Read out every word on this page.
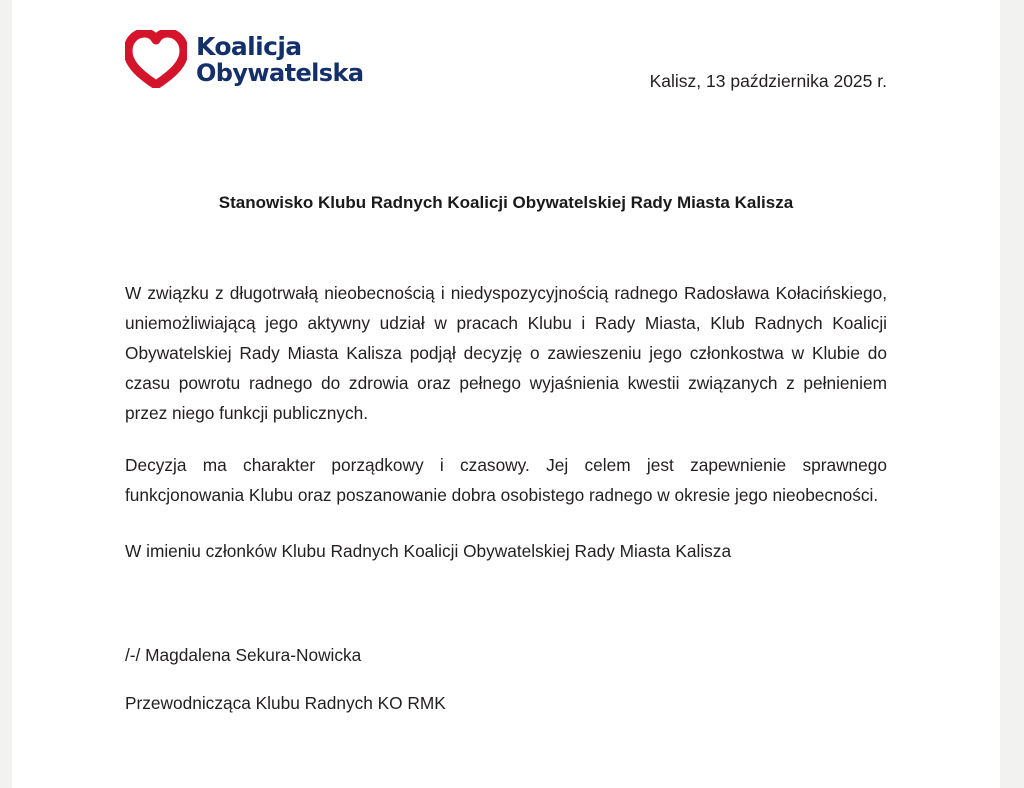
Koalicja
Obywatelska	Kalisz, 13 października 2025 r.
Stanowisko Klubu Radnych Koalicji Obywatelskiej Rady Miasta Kalisza

W związku z długotrwałą nieobecnością i niedyspozycyjnością radnego Radosława Kołacińskiego, uniemożliwiającą jego aktywny udział w pracach Klubu i Rady Miasta, Klub Radnych Koalicji Obywatelskiej Rady Miasta Kalisza podjął decyzję o zawieszeniu jego członkostwa w Klubie do czasu powrotu radnego do zdrowia oraz pełnego wyjaśnienia kwestii związanych z pełnieniem przez niego funkcji publicznych.

Decyzja ma charakter porządkowy i czasowy. Jej celem jest zapewnienie sprawnego funkcjonowania Klubu oraz poszanowanie dobra osobistego radnego w okresie jego nieobecności.

W imieniu członków Klubu Radnych Koalicji Obywatelskiej Rady Miasta Kalisza

/-/ Magdalena Sekura-Nowicka

Przewodnicząca Klubu Radnych KO RMK
